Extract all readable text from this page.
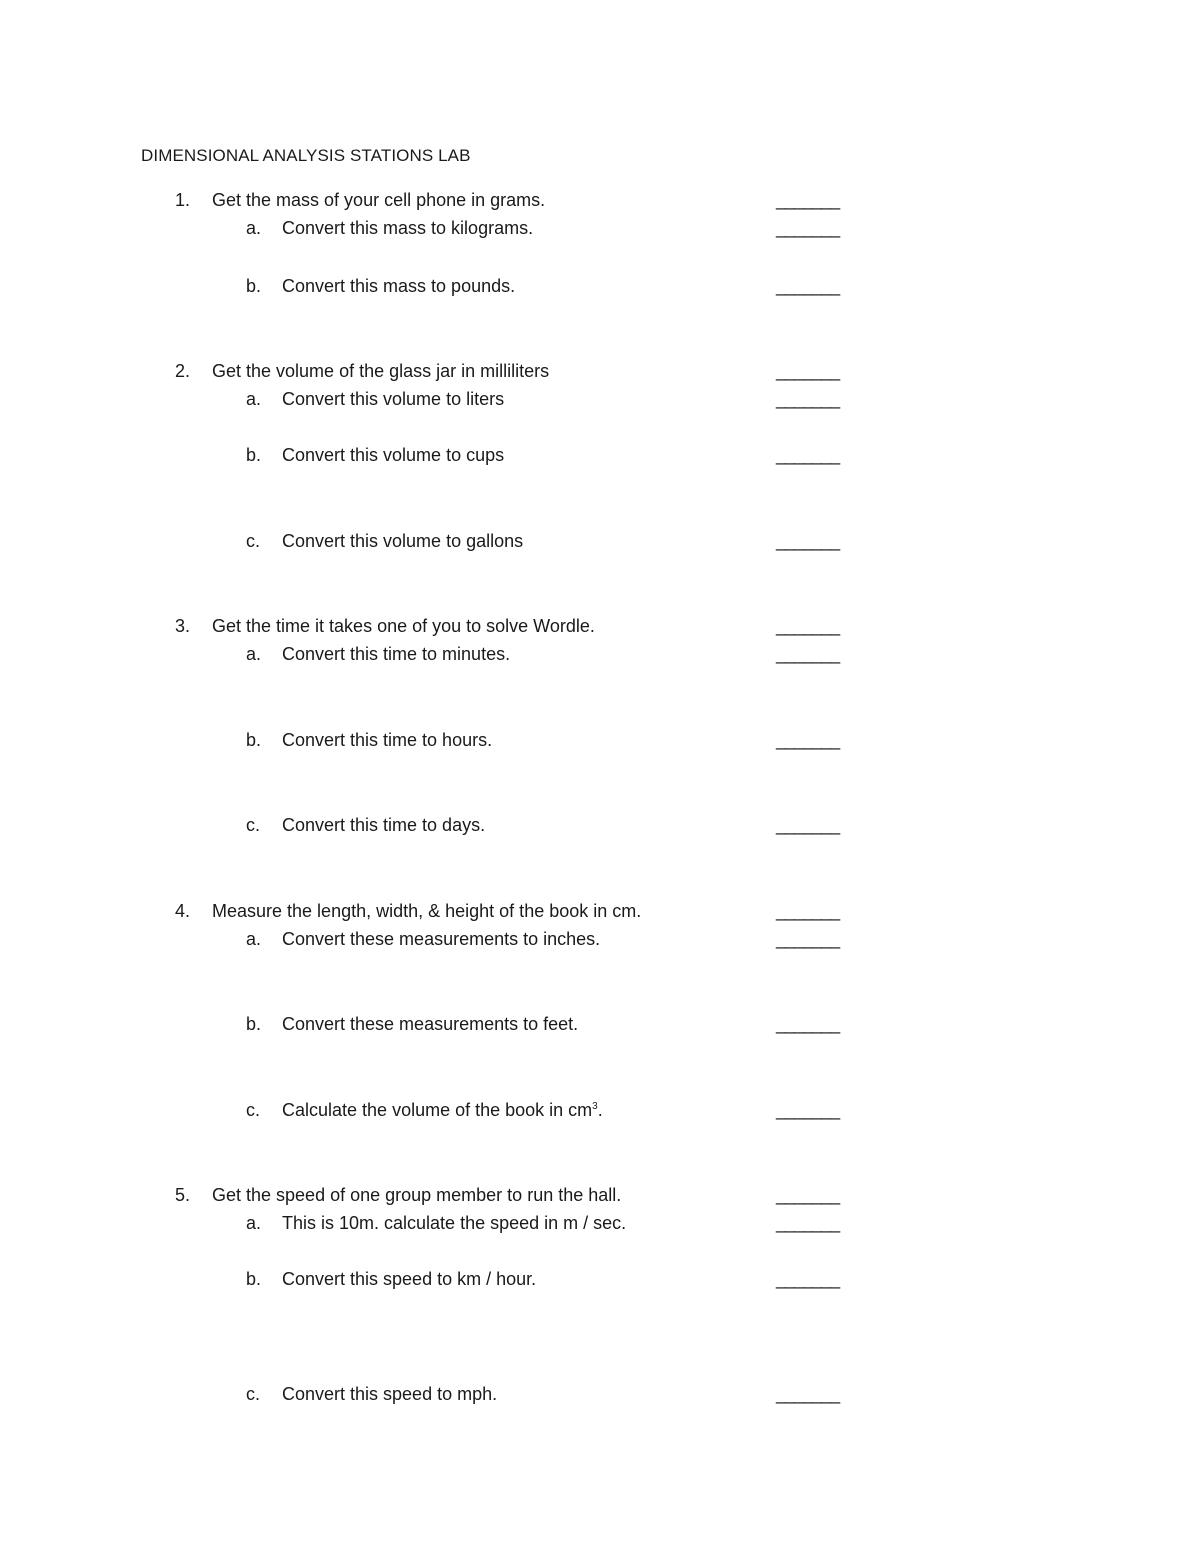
DIMENSIONAL ANALYSIS STATIONS LAB
1. Get the mass of your cell phone in grams.	_______
a. Convert this mass to kilograms.	_______
b. Convert this mass to pounds.	_______
2. Get the volume of the glass jar in milliliters	_______
a. Convert this volume to liters	_______
b. Convert this volume to cups	_______
c. Convert this volume to gallons	_______
3. Get the time it takes one of you to solve Wordle.	_______
a. Convert this time to minutes.	_______
b. Convert this time to hours.	_______
c. Convert this time to days.	_______
4. Measure the length, width, & height of the book in cm.	_______
a. Convert these measurements to inches.	_______
b. Convert these measurements to feet.	_______
c. Calculate the volume of the book in $cm^3$.	_______
5. Get the speed of one group member to run the hall.	_______
a. This is 10m. calculate the speed in m / sec.	_______
b. Convert this speed to km / hour.	_______
c. Convert this speed to mph.	_______
